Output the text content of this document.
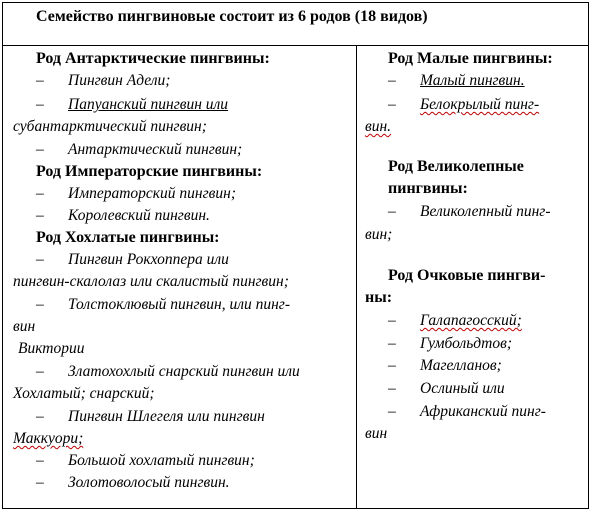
Семейство пингвиновые состоит из 6 родов (18 видов)
Род Антарктические пингвины:
– Пингвин Адели;
– Папуанский пингвин или
субантарктический пингвин;
– Антарктический пингвин;
Род Императорские пингвины:
– Императорский пингвин;
– Королевский пингвин.
Род Хохлатые пингвины:
– Пингвин Рокхоппера или
пингвин-скалолаз или скалистый пингвин;
– Толстоклювый пингвин, или пинг-
вин
Виктории
– Златохохлый снарский пингвин или
Хохлатый; снарский;
– Пингвин Шлегеля или пингвин
Маккуори;
– Большой хохлатый пингвин;
– Золотоволосый пингвин.
Род Малые пингвины:
– Малый пингвин.
– Белокрылый пинг-
вин.
Род Великолепные
пингвины:
– Великолепный пинг-
вин;
Род Очковые пингви-
ны:
– Галапагосский;
– Гумбольдтов;
– Магелланов;
– Ослиный или
– Африканский пинг-
вин
